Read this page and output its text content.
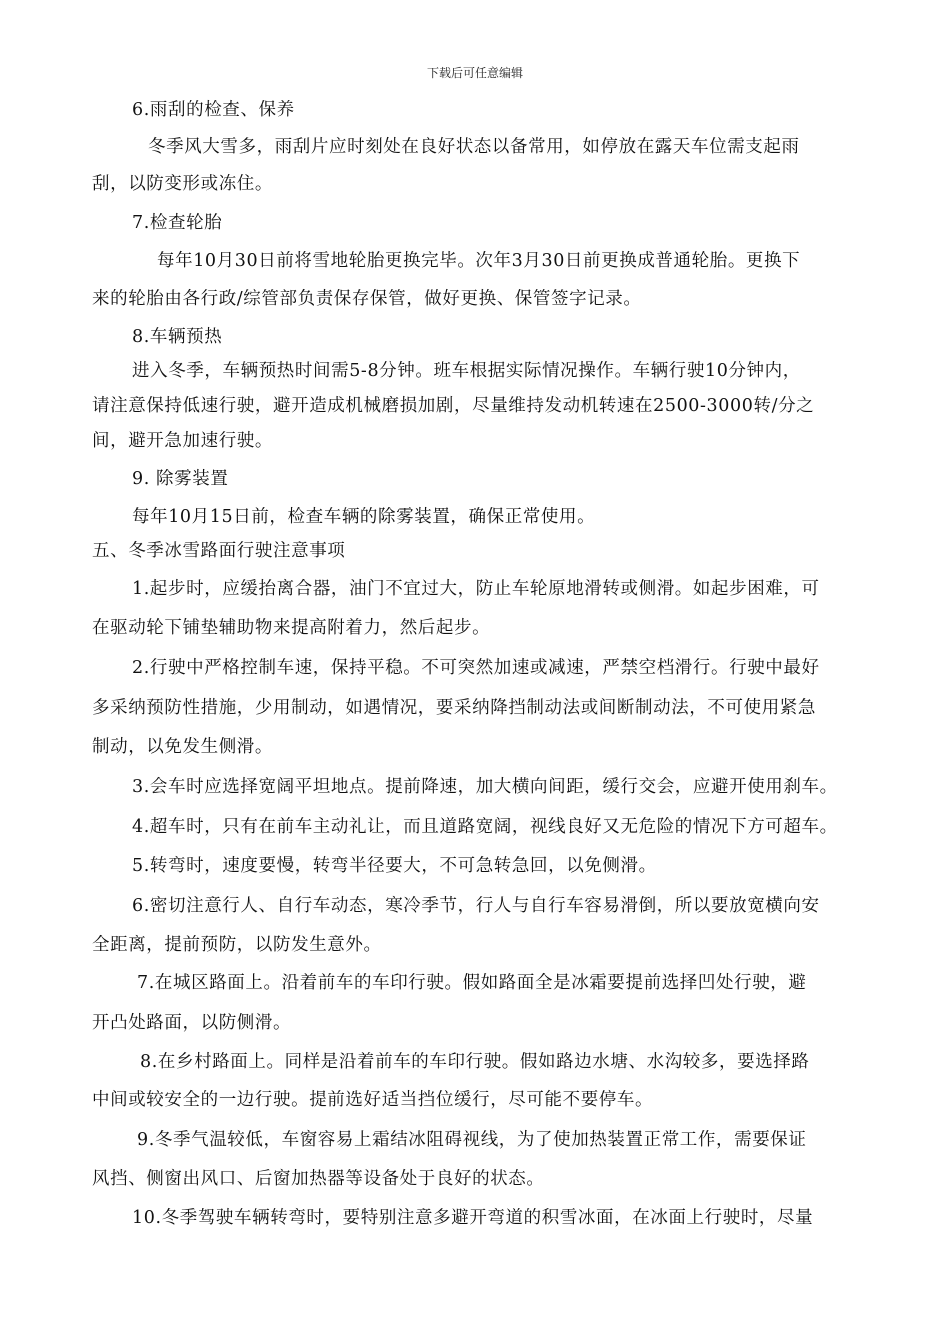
下载后可任意编辑
6.雨刮的检查、保养
冬季风大雪多，雨刮片应时刻处在良好状态以备常用，如停放在露天车位需支起雨
刮，以防变形或冻住。
7.检查轮胎
每年10月30日前将雪地轮胎更换完毕。次年3月30日前更换成普通轮胎。更换下
来的轮胎由各行政/综管部负责保存保管，做好更换、保管签字记录。
8.车辆预热
进入冬季，车辆预热时间需5-8分钟。班车根据实际情况操作。车辆行驶10分钟内，
请注意保持低速行驶，避开造成机械磨损加剧，尽量维持发动机转速在2500-3000转/分之
间，避开急加速行驶。
9. 除雾装置
每年10月15日前，检查车辆的除雾装置，确保正常使用。
五、冬季冰雪路面行驶注意事项
1.起步时，应缓抬离合器，油门不宜过大，防止车轮原地滑转或侧滑。如起步困难，可
在驱动轮下铺垫辅助物来提高附着力，然后起步。
2.行驶中严格控制车速，保持平稳。不可突然加速或减速，严禁空档滑行。行驶中最好
多采纳预防性措施，少用制动，如遇情况，要采纳降挡制动法或间断制动法，不可使用紧急
制动，以免发生侧滑。
3.会车时应选择宽阔平坦地点。提前降速，加大横向间距，缓行交会，应避开使用刹车。
4.超车时，只有在前车主动礼让，而且道路宽阔，视线良好又无危险的情况下方可超车。
5.转弯时，速度要慢，转弯半径要大，不可急转急回，以免侧滑。
6.密切注意行人、自行车动态，寒冷季节，行人与自行车容易滑倒，所以要放宽横向安
全距离，提前预防，以防发生意外。
7.在城区路面上。沿着前车的车印行驶。假如路面全是冰霜要提前选择凹处行驶，避
开凸处路面，以防侧滑。
8.在乡村路面上。同样是沿着前车的车印行驶。假如路边水塘、水沟较多，要选择路
中间或较安全的一边行驶。提前选好适当挡位缓行，尽可能不要停车。
9.冬季气温较低，车窗容易上霜结冰阻碍视线，为了使加热装置正常工作，需要保证
风挡、侧窗出风口、后窗加热器等设备处于良好的状态。
10.冬季驾驶车辆转弯时，要特别注意多避开弯道的积雪冰面，在冰面上行驶时，尽量
